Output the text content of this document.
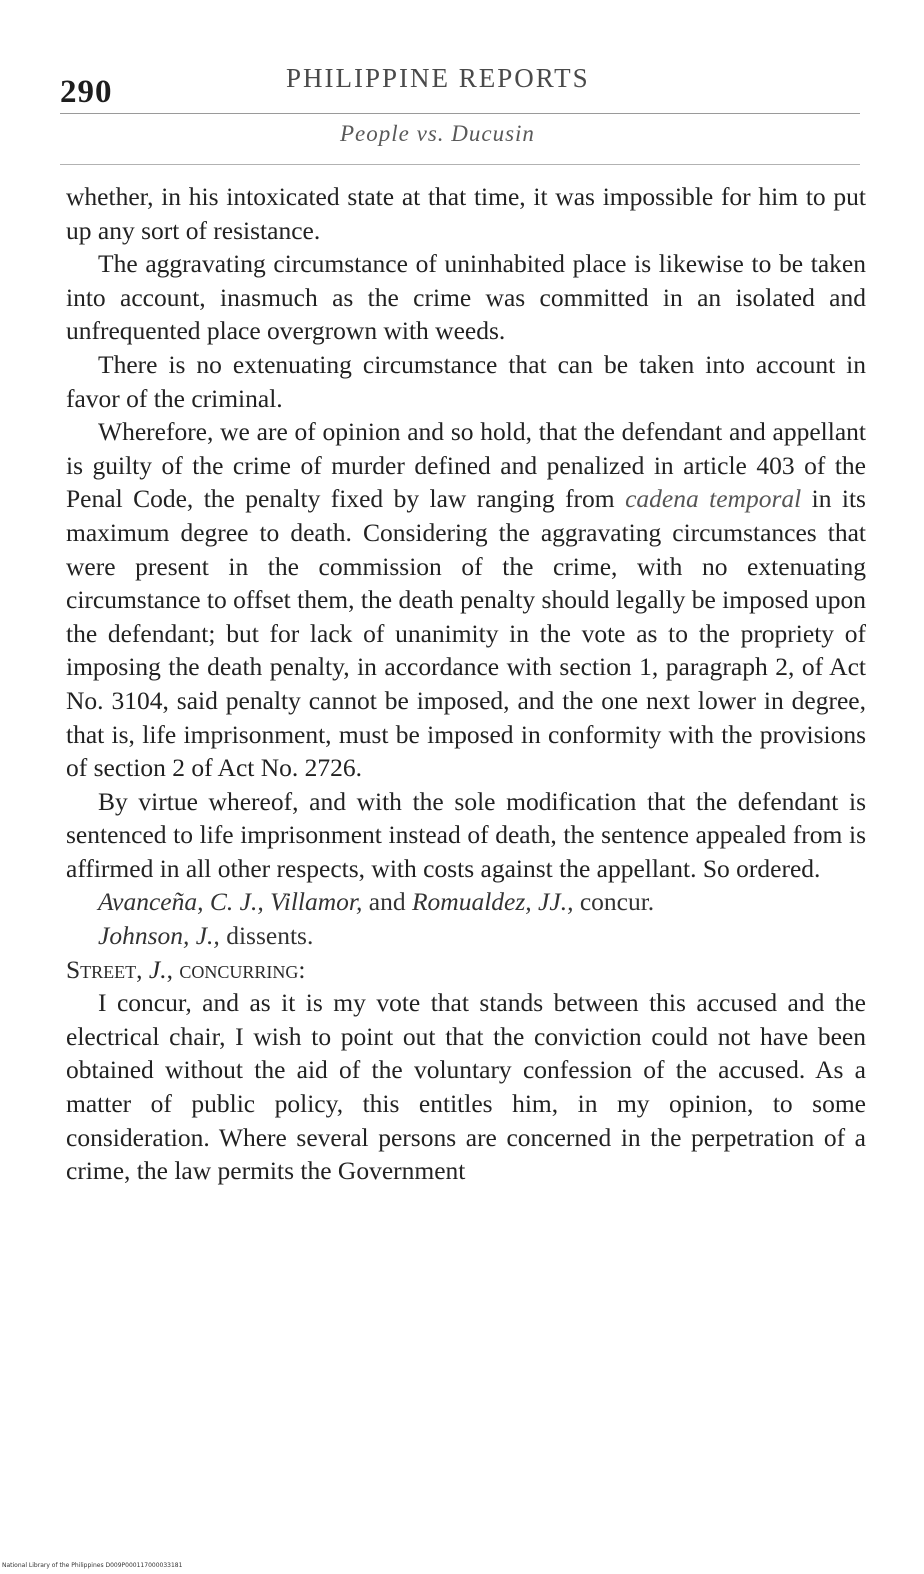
290	PHILIPPINE REPORTS
People vs. Ducusin

whether, in his intoxicated state at that time, it was impossible for him to put up any sort of resistance.

The aggravating circumstance of uninhabited place is likewise to be taken into account, inasmuch as the crime was committed in an isolated and unfrequented place overgrown with weeds.

There is no extenuating circumstance that can be taken into account in favor of the criminal.

Wherefore, we are of opinion and so hold, that the defendant and appellant is guilty of the crime of murder defined and penalized in article 403 of the Penal Code, the penalty fixed by law ranging from cadena temporal in its maximum degree to death. Considering the aggravating circumstances that were present in the commission of the crime, with no extenuating circumstance to offset them, the death penalty should legally be imposed upon the defendant; but for lack of unanimity in the vote as to the propriety of imposing the death penalty, in accordance with section 1, paragraph 2, of Act No. 3104, said penalty cannot be imposed, and the one next lower in degree, that is, life imprisonment, must be imposed in conformity with the provisions of section 2 of Act No. 2726.

By virtue whereof, and with the sole modification that the defendant is sentenced to life imprisonment instead of death, the sentence appealed from is affirmed in all other respects, with costs against the appellant. So ordered.

Avanceña, C. J., Villamor, and Romualdez, JJ., concur.

Johnson, J., dissents.

Street, J., concurring:

I concur, and as it is my vote that stands between this accused and the electrical chair, I wish to point out that the conviction could not have been obtained without the aid of the voluntary confession of the accused. As a matter of public policy, this entitles him, in my opinion, to some consideration. Where several persons are concerned in the perpetration of a crime, the law permits the Government

National Library of the Philippines D009P000117000033181
